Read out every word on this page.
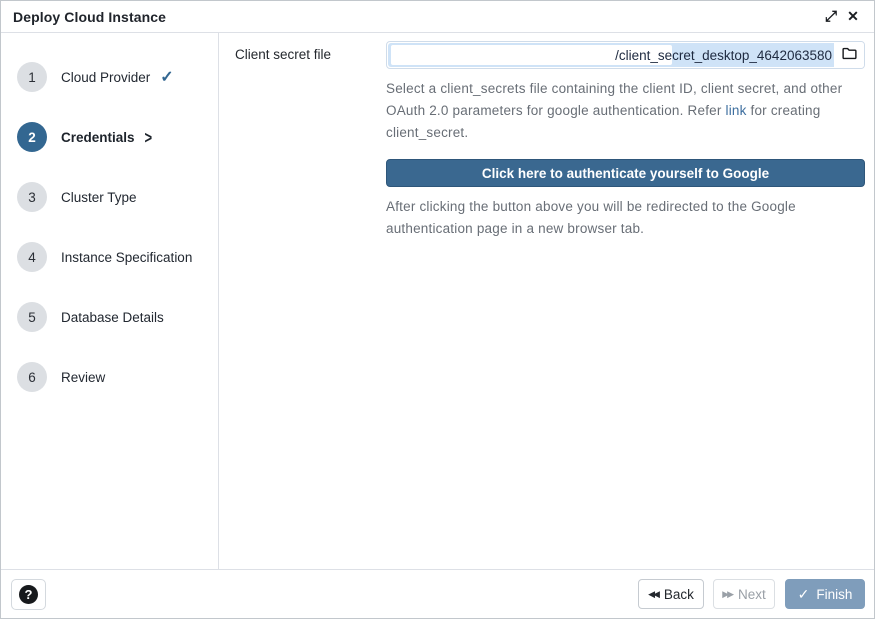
Deploy Cloud Instance	⤢ ✕
1	Cloud Provider ✓
2	Credentials >
3	Cluster Type
4	Instance Specification
5	Database Details
6	Review
Client secret file	/client_secret_desktop_4642063580
Select a client_secrets file containing the client ID, client secret, and other OAuth 2.0 parameters for google authentication. Refer link for creating client_secret.
Click here to authenticate yourself to Google
After clicking the button above you will be redirected to the Google authentication page in a new browser tab.
?	◀◀ Back	▶▶ Next ✓ Finish
